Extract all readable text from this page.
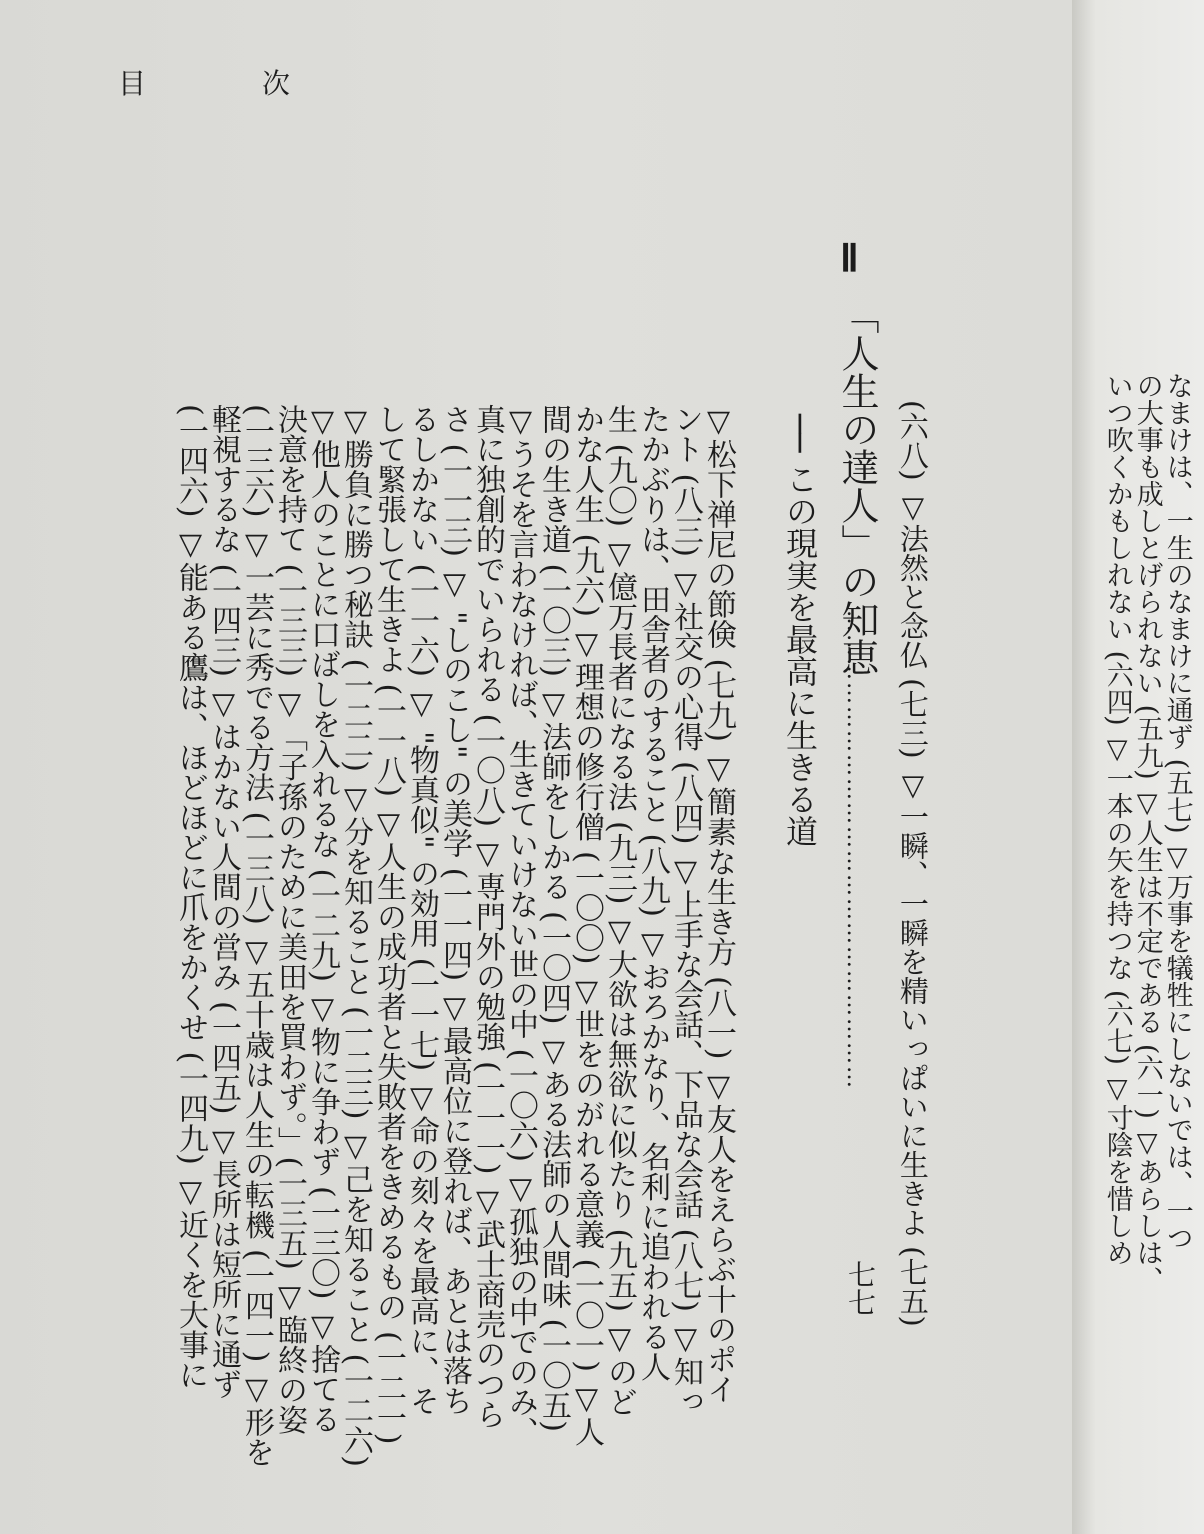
目	次
Ⅱ
(六八) ▽法然と念仏 (七三) ▽一瞬、一瞬を精いっぱいに生きよ (七五)
「人生の達人」の知恵
── この現実を最高に生きる道 ……………………………………………………
七七
▽松下禅尼の節倹 (七九) ▽簡素な生き方 (八一) ▽友人をえらぶ十のポイ
ント (八三) ▽社交の心得 (八四) ▽上手な会話、下品な会話 (八七) ▽知っ
たかぶりは、田舎者のすること (八九) ▽おろかなり、名利に追われる人
生 (九〇) ▽億万長者になる法 (九三) ▽大欲は無欲に似たり (九五) ▽のど
かな人生 (九六) ▽理想の修行僧 (一〇〇) ▽世をのがれる意義 (一〇一) ▽人
間の生き道 (一〇三) ▽法師をしかる (一〇四) ▽ある法師の人間味 (一〇五)
▽うそを言わなければ、生きていけない世の中 (一〇六) ▽孤独の中でのみ、
真に独創的でいられる (一〇八) ▽専門外の勉強 (一一一) ▽武士商売のつら
さ (一一三) ▽ "しのこし" の美学 (一一四) ▽最高位に登れば、あとは落ち
るしかない (一一六) ▽ "物真似" の効用 (一一七) ▽命の刻々を最高に、そ
して緊張して生きよ (一一八) ▽人生の成功者と失敗者をきめるもの (一二一)
▽勝負に勝つ秘訣 (一二二) ▽分を知ること (一二三) ▽己を知ること (一二六)
▽他人のことに口ばしを入れるな (一二九) ▽物に争わず (一三〇) ▽捨てる
決意を持て (一三三) ▽「子孫のために美田を買わず。」(一三五) ▽臨終の姿
(一三六) ▽一芸に秀でる方法 (一三八) ▽五十歳は人生の転機 (一四一) ▽形を
軽視するな (一四三) ▽はかない人間の営み (一四五) ▽長所は短所に通ず
(一四六) ▽能ある鷹は、ほどほどに爪をかくせ (一四九) ▽近くを大事に	なまけは、一生のなまけに通ず (五七) ▽万事を犠牲にしないでは、一つ
の大事も成しとげられない (五九) ▽人生は不定である (六一) ▽あらしは、
いつ吹くかもしれない (六四) ▽一本の矢を持つな (六七) ▽寸陰を惜しめ
